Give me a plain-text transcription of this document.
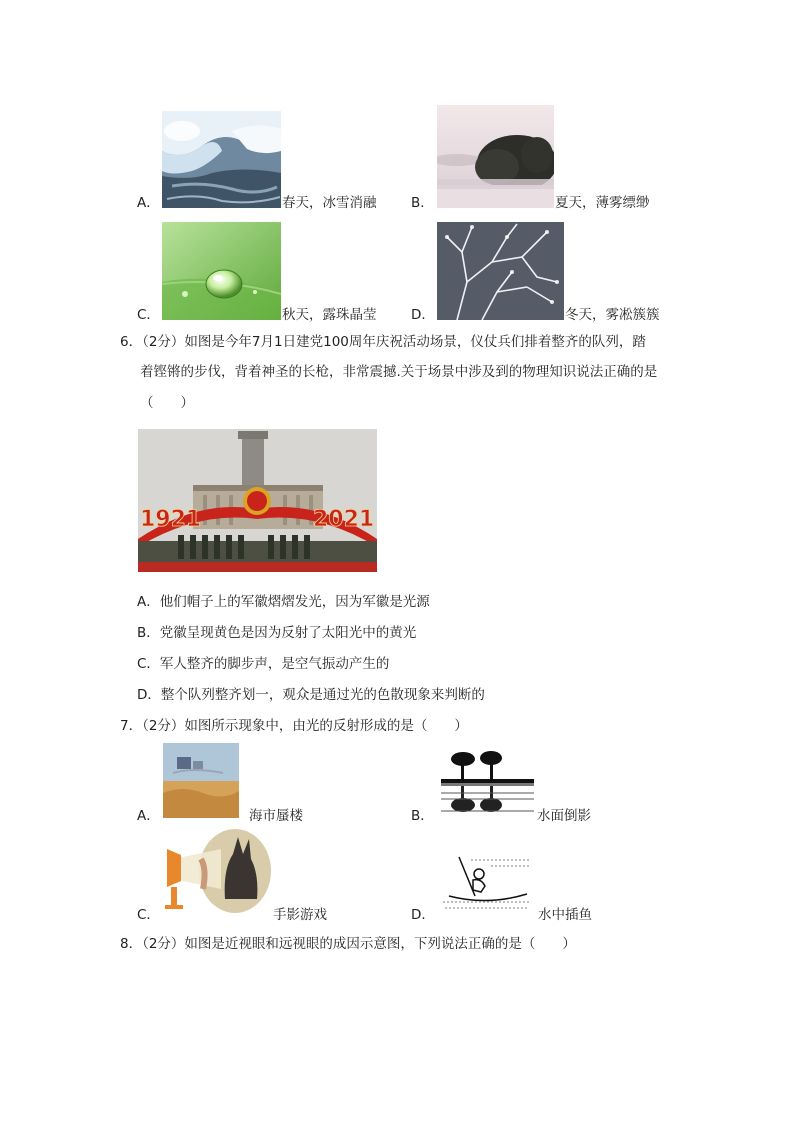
A．	春天，冰雪消融	B．	夏天，薄雾缥缈
C．	秋天，露珠晶莹	D．	冬天，雾凇簇簇
6．（2分）如图是今年7月1日建党100周年庆祝活动场景，仪仗兵们排着整齐的队列，踏
着铿锵的步伐，背着神圣的长枪，非常震撼.关于场景中涉及到的物理知识说法正确的是
（　　）
1921	2021
A．他们帽子上的军徽熠熠发光，因为军徽是光源
B．党徽呈现黄色是因为反射了太阳光中的黄光
C．军人整齐的脚步声，是空气振动产生的
D．整个队列整齐划一，观众是通过光的色散现象来判断的
7．（2分）如图所示现象中，由光的反射形成的是（　　）
A．	海市蜃楼	B．	水面倒影
C．	手影游戏	D．	水中插鱼
8．（2分）如图是近视眼和远视眼的成因示意图，下列说法正确的是（　　）
